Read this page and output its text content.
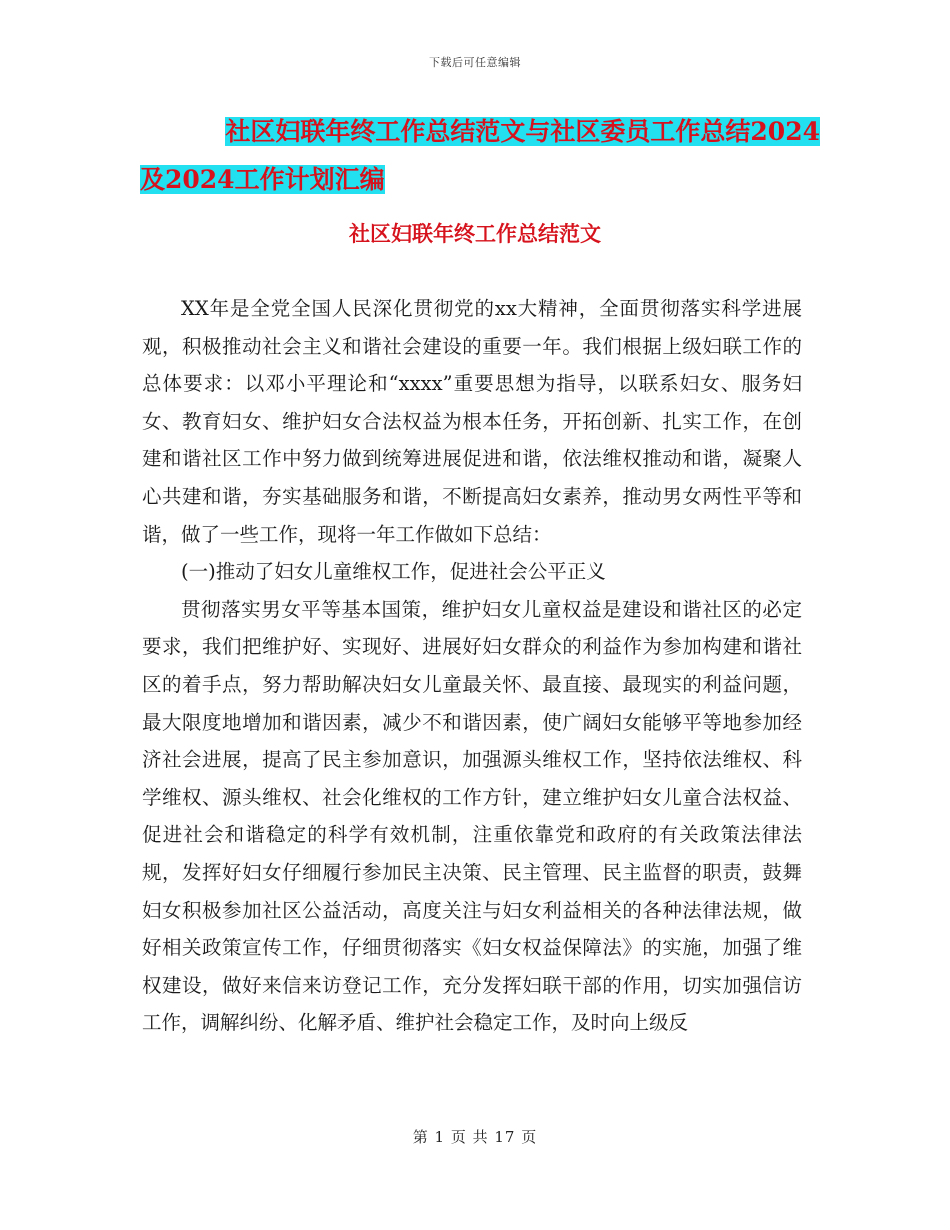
下载后可任意编辑
社区妇联年终工作总结范文与社区委员工作总结2024
及2024工作计划汇编
社区妇联年终工作总结范文

XX年是全党全国人民深化贯彻党的xx大精神，全面贯彻落实科学进展观，积极推动社会主义和谐社会建设的重要一年。我们根据上级妇联工作的总体要求：以邓小平理论和“xxxx”重要思想为指导，以联系妇女、服务妇女、教育妇女、维护妇女合法权益为根本任务，开拓创新、扎实工作，在创建和谐社区工作中努力做到统筹进展促进和谐，依法维权推动和谐，凝聚人心共建和谐，夯实基础服务和谐，不断提高妇女素养，推动男女两性平等和谐，做了一些工作，现将一年工作做如下总结：

(一)推动了妇女儿童维权工作，促进社会公平正义

贯彻落实男女平等基本国策，维护妇女儿童权益是建设和谐社区的必定要求，我们把维护好、实现好、进展好妇女群众的利益作为参加构建和谐社区的着手点，努力帮助解决妇女儿童最关怀、最直接、最现实的利益问题，最大限度地增加和谐因素，减少不和谐因素，使广阔妇女能够平等地参加经济社会进展，提高了民主参加意识，加强源头维权工作，坚持依法维权、科学维权、源头维权、社会化维权的工作方针，建立维护妇女儿童合法权益、促进社会和谐稳定的科学有效机制，注重依靠党和政府的有关政策法律法规，发挥好妇女仔细履行参加民主决策、民主管理、民主监督的职责，鼓舞妇女积极参加社区公益活动，高度关注与妇女利益相关的各种法律法规，做好相关政策宣传工作，仔细贯彻落实《妇女权益保障法》的实施，加强了维权建设，做好来信来访登记工作，充分发挥妇联干部的作用，切实加强信访工作，调解纠纷、化解矛盾、维护社会稳定工作，及时向上级反

第 1 页 共 17 页
